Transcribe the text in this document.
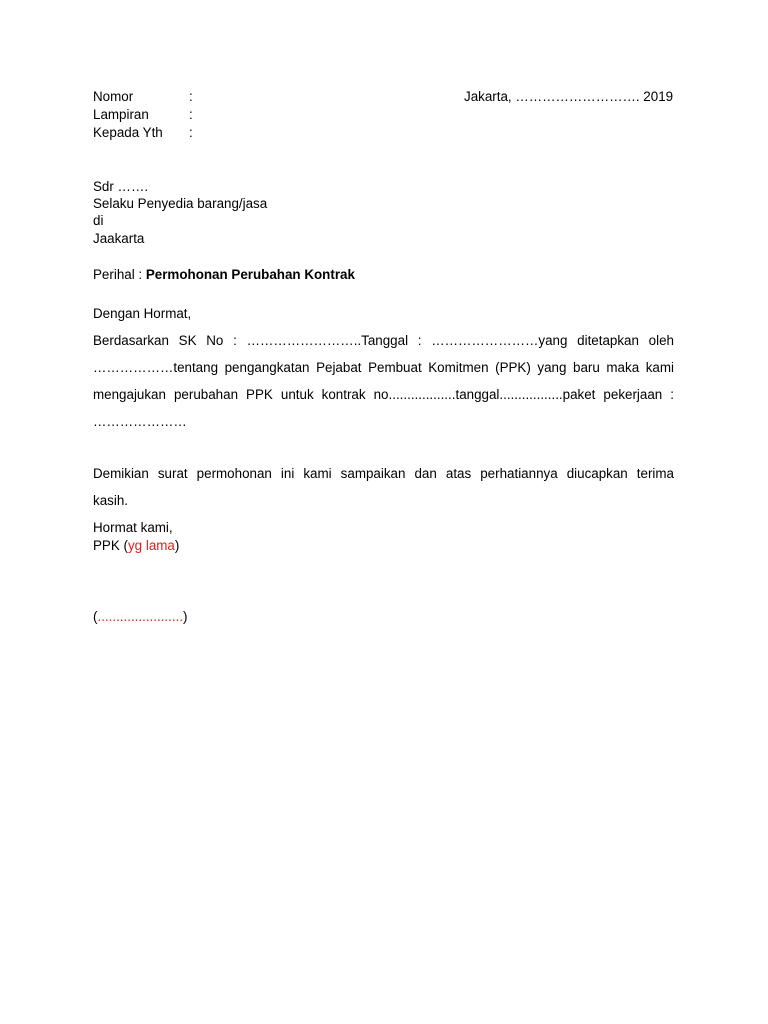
Nomor	:	Jakarta, ………………………. 2019
Lampiran	:
Kepada Yth :
Sdr …….
Selaku Penyedia barang/jasa
di
Jaakarta
Perihal : Permohonan Perubahan Kontrak
Dengan Hormat,
Berdasarkan SK No : ……………………..Tanggal : ……………………yang ditetapkan oleh
………………tentang pengangkatan Pejabat Pembuat Komitmen (PPK) yang baru maka kami
mengajukan perubahan PPK untuk kontrak no..................tanggal.................paket pekerjaan :
…………………
Demikian surat permohonan ini kami sampaikan dan atas perhatiannya diucapkan terima
kasih.
Hormat kami,
PPK (yg lama)
(.......................)
